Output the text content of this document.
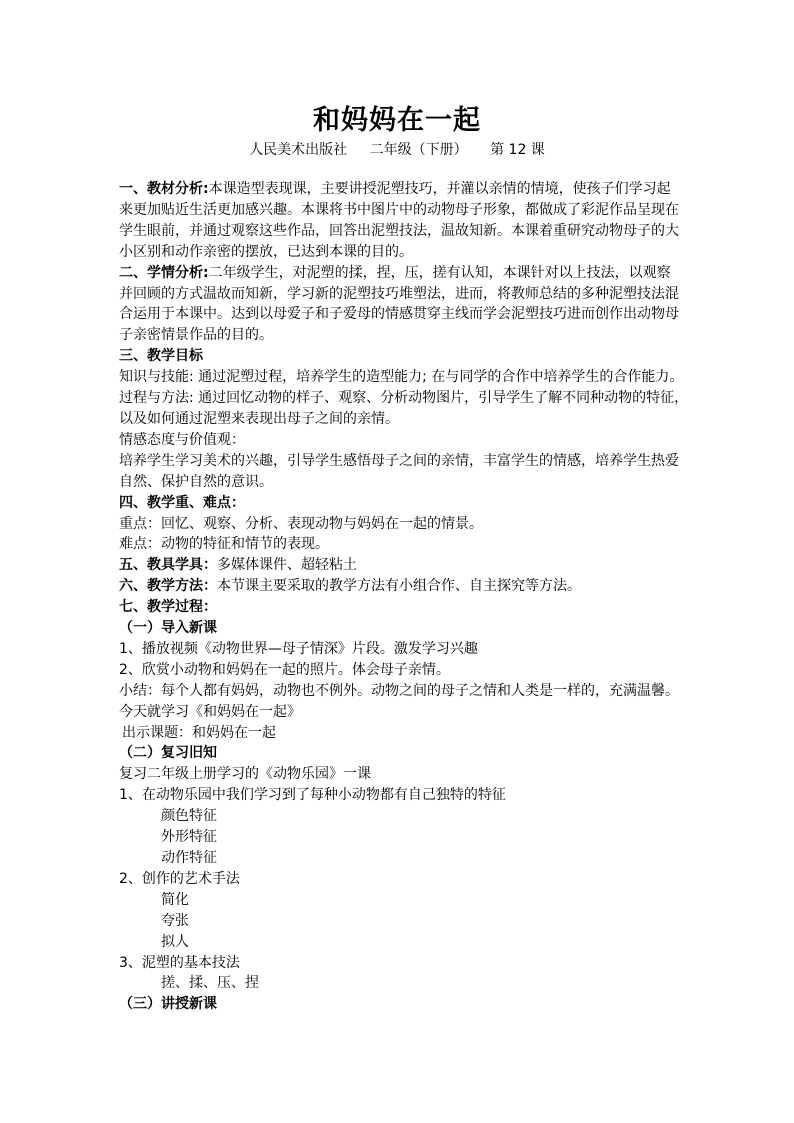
和妈妈在一起
人民美术出版社 二年级（下册） 第 12 课

一、教材分析:本课造型表现课，主要讲授泥塑技巧，并灌以亲情的情境，使孩子们学习起

来更加贴近生活更加感兴趣。本课将书中图片中的动物母子形象，都做成了彩泥作品呈现在

学生眼前，并通过观察这些作品，回答出泥塑技法，温故知新。本课着重研究动物母子的大

小区别和动作亲密的摆放，已达到本课的目的。

二、学情分析:二年级学生，对泥塑的揉，捏，压，搓有认知，本课针对以上技法，以观察

并回顾的方式温故而知新，学习新的泥塑技巧堆塑法，进而，将教师总结的多种泥塑技法混

合运用于本课中。达到以母爱子和子爱母的情感贯穿主线而学会泥塑技巧进而创作出动物母

子亲密情景作品的目的。

三、教学目标

知识与技能: 通过泥塑过程，培养学生的造型能力; 在与同学的合作中培养学生的合作能力。

过程与方法: 通过回忆动物的样子、观察、分析动物图片，引导学生了解不同种动物的特征，

以及如何通过泥塑来表现出母子之间的亲情。

情感态度与价值观：

培养学生学习美术的兴趣，引导学生感悟母子之间的亲情，丰富学生的情感，培养学生热爱

自然、保护自然的意识。

四、教学重、难点：

重点：回忆、观察、分析、表现动物与妈妈在一起的情景。

难点：动物的特征和情节的表现。

五、教具学具：多媒体课件、超轻粘土

六、教学方法：本节课主要采取的教学方法有小组合作、自主探究等方法。

七、教学过程：

（一）导入新课

1、播放视频《动物世界—母子情深》片段。激发学习兴趣

2、欣赏小动物和妈妈在一起的照片。体会母子亲情。

小结：每个人都有妈妈，动物也不例外。动物之间的母子之情和人类是一样的，充满温馨。

今天就学习《和妈妈在一起》

出示课题：和妈妈在一起

（二）复习旧知

复习二年级上册学习的《动物乐园》一课

1、在动物乐园中我们学习到了每种小动物都有自己独特的特征

颜色特征

外形特征

动作特征

2、创作的艺术手法

简化

夸张

拟人

3、泥塑的基本技法

搓、揉、压、捏

（三）讲授新课
